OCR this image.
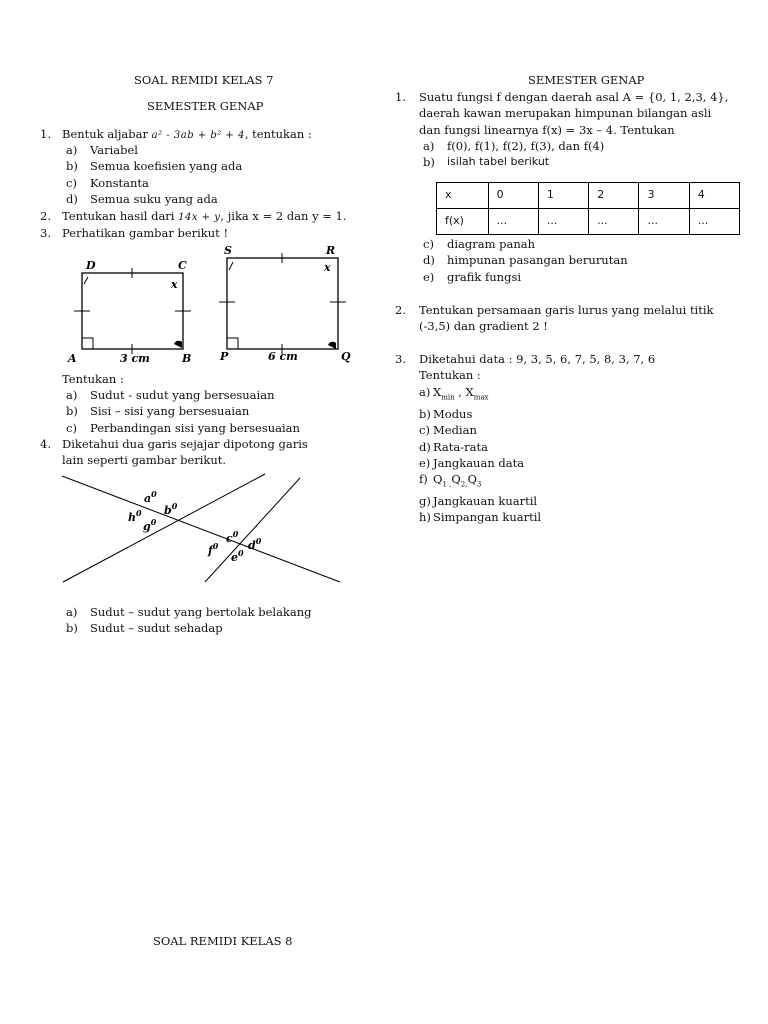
SOAL REMIDI KELAS 7
SEMESTER GENAP
1. Bentuk aljabar a² - 3ab + b² + 4, tentukan :
a)	Variabel
b)	Semua koefisien yang ada
c)	Konstanta
d)	Semua suku yang ada
2. Tentukan hasil dari 14x + y, jika x = 2 dan y = 1.
3. Perhatikan gambar berikut !
D	C
x
A	3 cm	B
S	R
x
P	6 cm	Q
Tentukan :
a)	Sudut - sudut yang bersesuaian
b)	Sisi – sisi yang bersesuaian
c)	Perbandingan sisi yang bersesuaian
4. Diketahui dua garis sejajar dipotong garis
lain seperti gambar berikut.
$a^0$
$b^0$
$h^0$
$g^0$
$c^0$
$d^0$
$f^0$
$e^0$
a)	Sudut – sudut yang bertolak belakang
b)	Sudut – sudut sehadap
SOAL REMIDI KELAS 8
SEMESTER GENAP
1. Suatu fungsi f dengan daerah asal A = {0, 1, 2,3, 4},
daerah kawan merupakan himpunan bilangan asli
dan fungsi linearnya f(x) = 3x – 4. Tentukan
a)	f(0), f(1), f(2), f(3), dan f(4)
b)	isilah tabel berikut
x	0	1	2	3	4
f(x)	...	...	...	...	...
c)	diagram panah
d)	himpunan pasangan berurutan
e)	grafik fungsi
2. Tentukan persamaan garis lurus yang melalui titik
(-3,5) dan gradient 2 !
3. Diketahui data : 9, 3, 5, 6, 7, 5, 8, 3, 7, 6
Tentukan :
a) $X_{min}$ , $X_{max}$
b) Modus
c) Median
d) Rata-rata
e) Jangkauan data
f) $Q_{1 ,}Q_{2,}Q_3$
g) Jangkauan kuartil
h) Simpangan kuartil
